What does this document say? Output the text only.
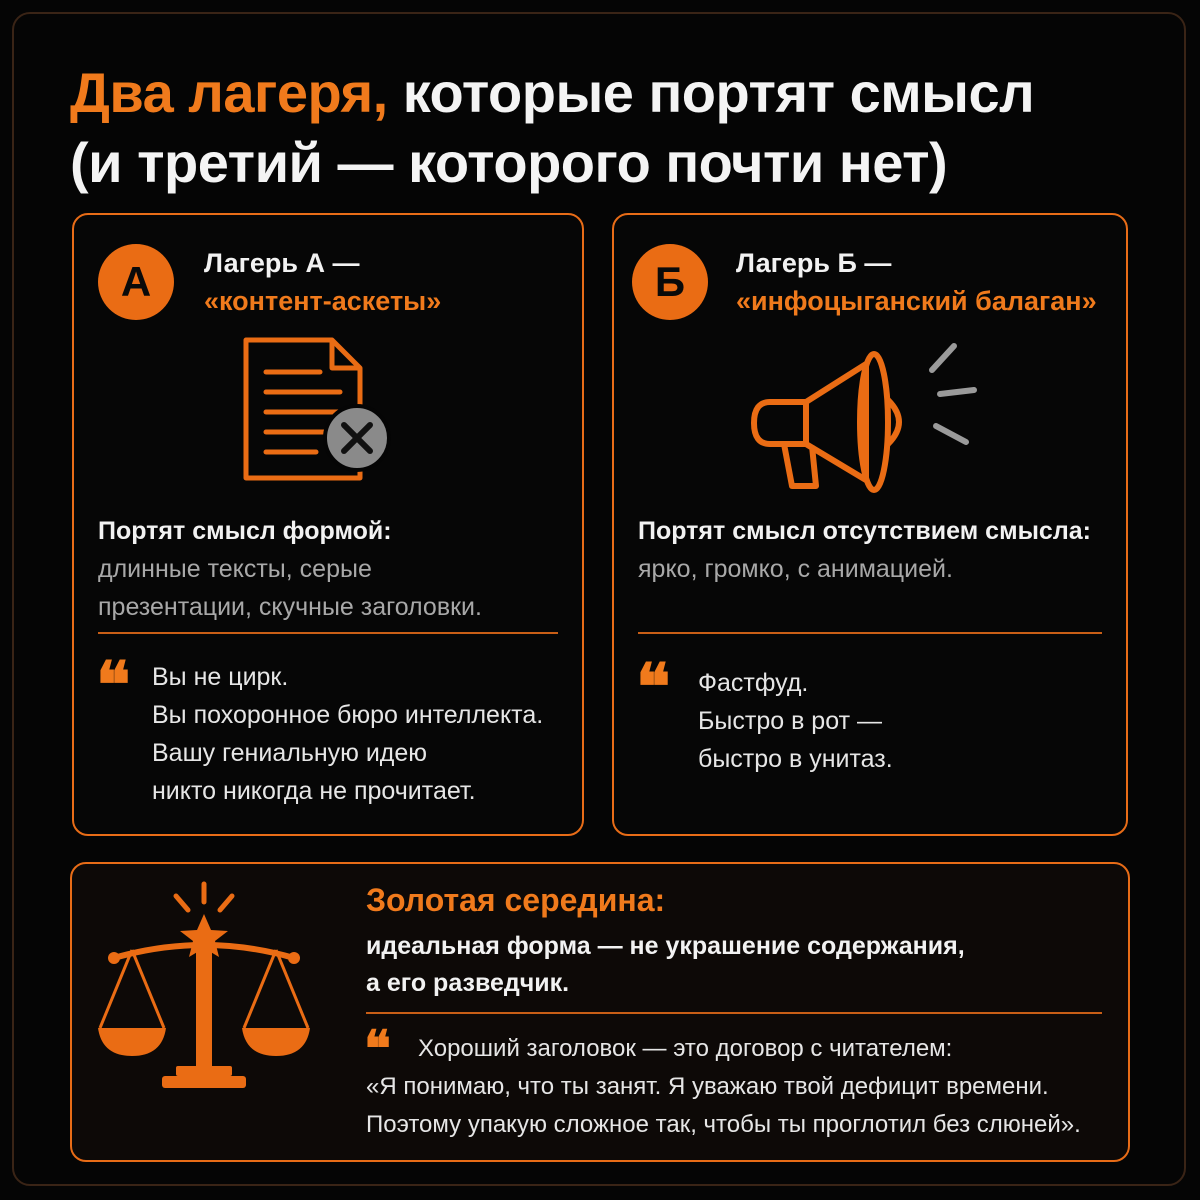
Два лагеря, которые портят смысл
(и третий — которого почти нет)
А	Лагерь А —
«контент-аскеты»
Портят смысл формой:
длинные тексты, серые
презентации, скучные заголовки.
❝ Вы не цирк.
Вы похоронное бюро интеллекта.
Вашу гениальную идею
никто никогда не прочитает.
Б	Лагерь Б —
«инфоцыганский балаган»
Портят смысл отсутствием смысла:
ярко, громко, с анимацией.
❝ Фастфуд.
Быстро в рот —
быстро в унитаз.
Золотая середина:
идеальная форма — не украшение содержания,
а его разведчик.
❝	Хороший заголовок — это договор с читателем:
«Я понимаю, что ты занят. Я уважаю твой дефицит времени.
Поэтому упакую сложное так, чтобы ты проглотил без слюней».
